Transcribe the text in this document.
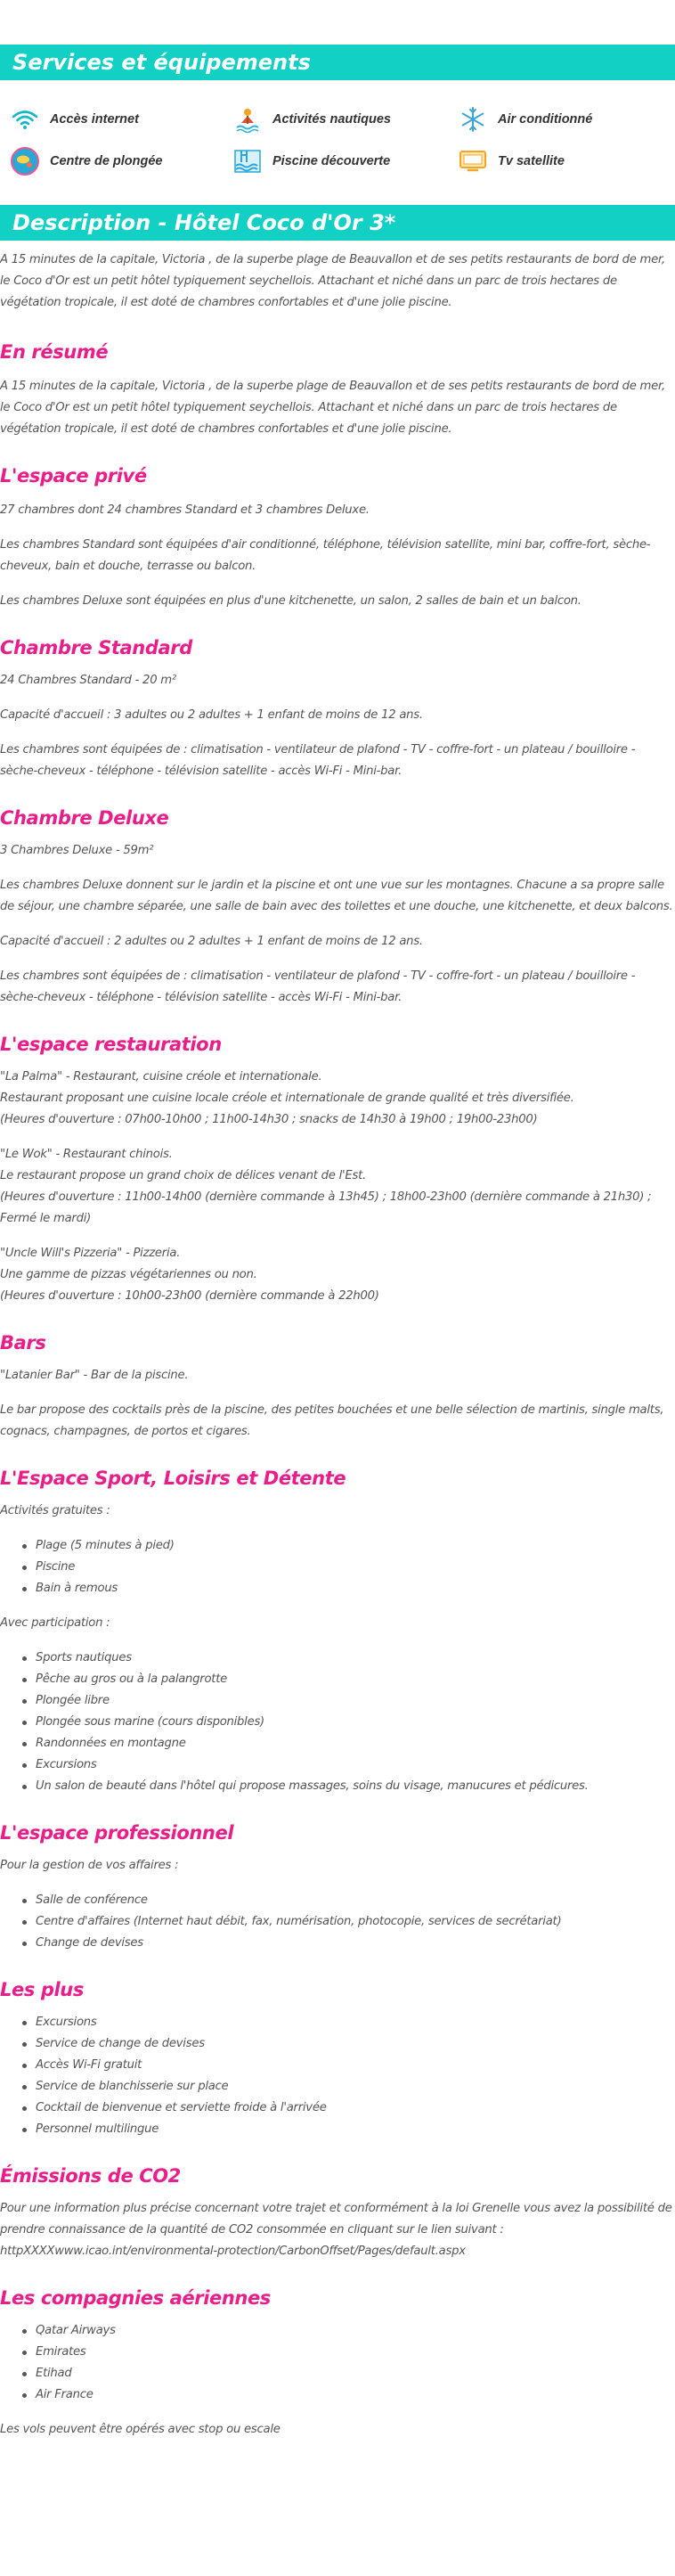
Services et équipements
Accès internet	Activités nautiques	Air conditionné
Centre de plongée	Piscine découverte	Tv satellite
Description - Hôtel Coco d'Or 3*

A 15 minutes de la capitale, Victoria , de la superbe plage de Beauvallon et de ses petits restaurants de bord de mer, le Coco d'Or est un petit hôtel typiquement seychellois. Attachant et niché dans un parc de trois hectares de végétation tropicale, il est doté de chambres confortables et d'une jolie piscine.

En résumé

A 15 minutes de la capitale, Victoria , de la superbe plage de Beauvallon et de ses petits restaurants de bord de mer, le Coco d'Or est un petit hôtel typiquement seychellois. Attachant et niché dans un parc de trois hectares de végétation tropicale, il est doté de chambres confortables et d'une jolie piscine.

L'espace privé

27 chambres dont 24 chambres Standard et 3 chambres Deluxe.

Les chambres Standard sont équipées d'air conditionné, téléphone, télévision satellite, mini bar, coffre-fort, sèche-cheveux, bain et douche, terrasse ou balcon.

Les chambres Deluxe sont équipées en plus d'une kitchenette, un salon, 2 salles de bain et un balcon.

Chambre Standard

24 Chambres Standard - 20 m²

Capacité d'accueil : 3 adultes ou 2 adultes + 1 enfant de moins de 12 ans.

Les chambres sont équipées de : climatisation - ventilateur de plafond - TV - coffre-fort - un plateau / bouilloire - sèche-cheveux - téléphone - télévision satellite - accès Wi-Fi - Mini-bar.

Chambre Deluxe

3 Chambres Deluxe - 59m²

Les chambres Deluxe donnent sur le jardin et la piscine et ont une vue sur les montagnes. Chacune a sa propre salle de séjour, une chambre séparée, une salle de bain avec des toilettes et une douche, une kitchenette, et deux balcons.

Capacité d'accueil : 2 adultes ou 2 adultes + 1 enfant de moins de 12 ans.

Les chambres sont équipées de : climatisation - ventilateur de plafond - TV - coffre-fort - un plateau / bouilloire - sèche-cheveux - téléphone - télévision satellite - accès Wi-Fi - Mini-bar.

L'espace restauration

"La Palma" - Restaurant, cuisine créole et internationale.

Restaurant proposant une cuisine locale créole et internationale de grande qualité et très diversifiée.

(Heures d'ouverture : 07h00-10h00 ; 11h00-14h30 ; snacks de 14h30 à 19h00 ; 19h00-23h00)

"Le Wok" - Restaurant chinois.

Le restaurant propose un grand choix de délices venant de l'Est.

(Heures d'ouverture : 11h00-14h00 (dernière commande à 13h45) ; 18h00-23h00 (dernière commande à 21h30) ; Fermé le mardi)

"Uncle Will's Pizzeria" - Pizzeria.

Une gamme de pizzas végétariennes ou non.

(Heures d'ouverture : 10h00-23h00 (dernière commande à 22h00)

Bars

"Latanier Bar" - Bar de la piscine.

Le bar propose des cocktails près de la piscine, des petites bouchées et une belle sélection de martinis, single malts, cognacs, champagnes, de portos et cigares.

L'Espace Sport, Loisirs et Détente

Activités gratuites :

Plage (5 minutes à pied)
Piscine
Bain à remous

Avec participation :

Sports nautiques
Pêche au gros ou à la palangrotte
Plongée libre
Plongée sous marine (cours disponibles)
Randonnées en montagne
Excursions
Un salon de beauté dans l'hôtel qui propose massages, soins du visage, manucures et pédicures.
L'espace professionnel

Pour la gestion de vos affaires :

Salle de conférence
Centre d'affaires (Internet haut débit, fax, numérisation, photocopie, services de secrétariat)
Change de devises
Les plus
Excursions
Service de change de devises
Accès Wi-Fi gratuit
Service de blanchisserie sur place
Cocktail de bienvenue et serviette froide à l'arrivée
Personnel multilingue
Émissions de CO2

Pour une information plus précise concernant votre trajet et conformément à la loi Grenelle vous avez la possibilité de prendre connaissance de la quantité de CO2 consommée en cliquant sur le lien suivant :

httpXXXXwww.icao.int/environmental-protection/CarbonOffset/Pages/default.aspx

Les compagnies aériennes
Qatar Airways
Emirates
Etihad
Air France

Les vols peuvent être opérés avec stop ou escale
